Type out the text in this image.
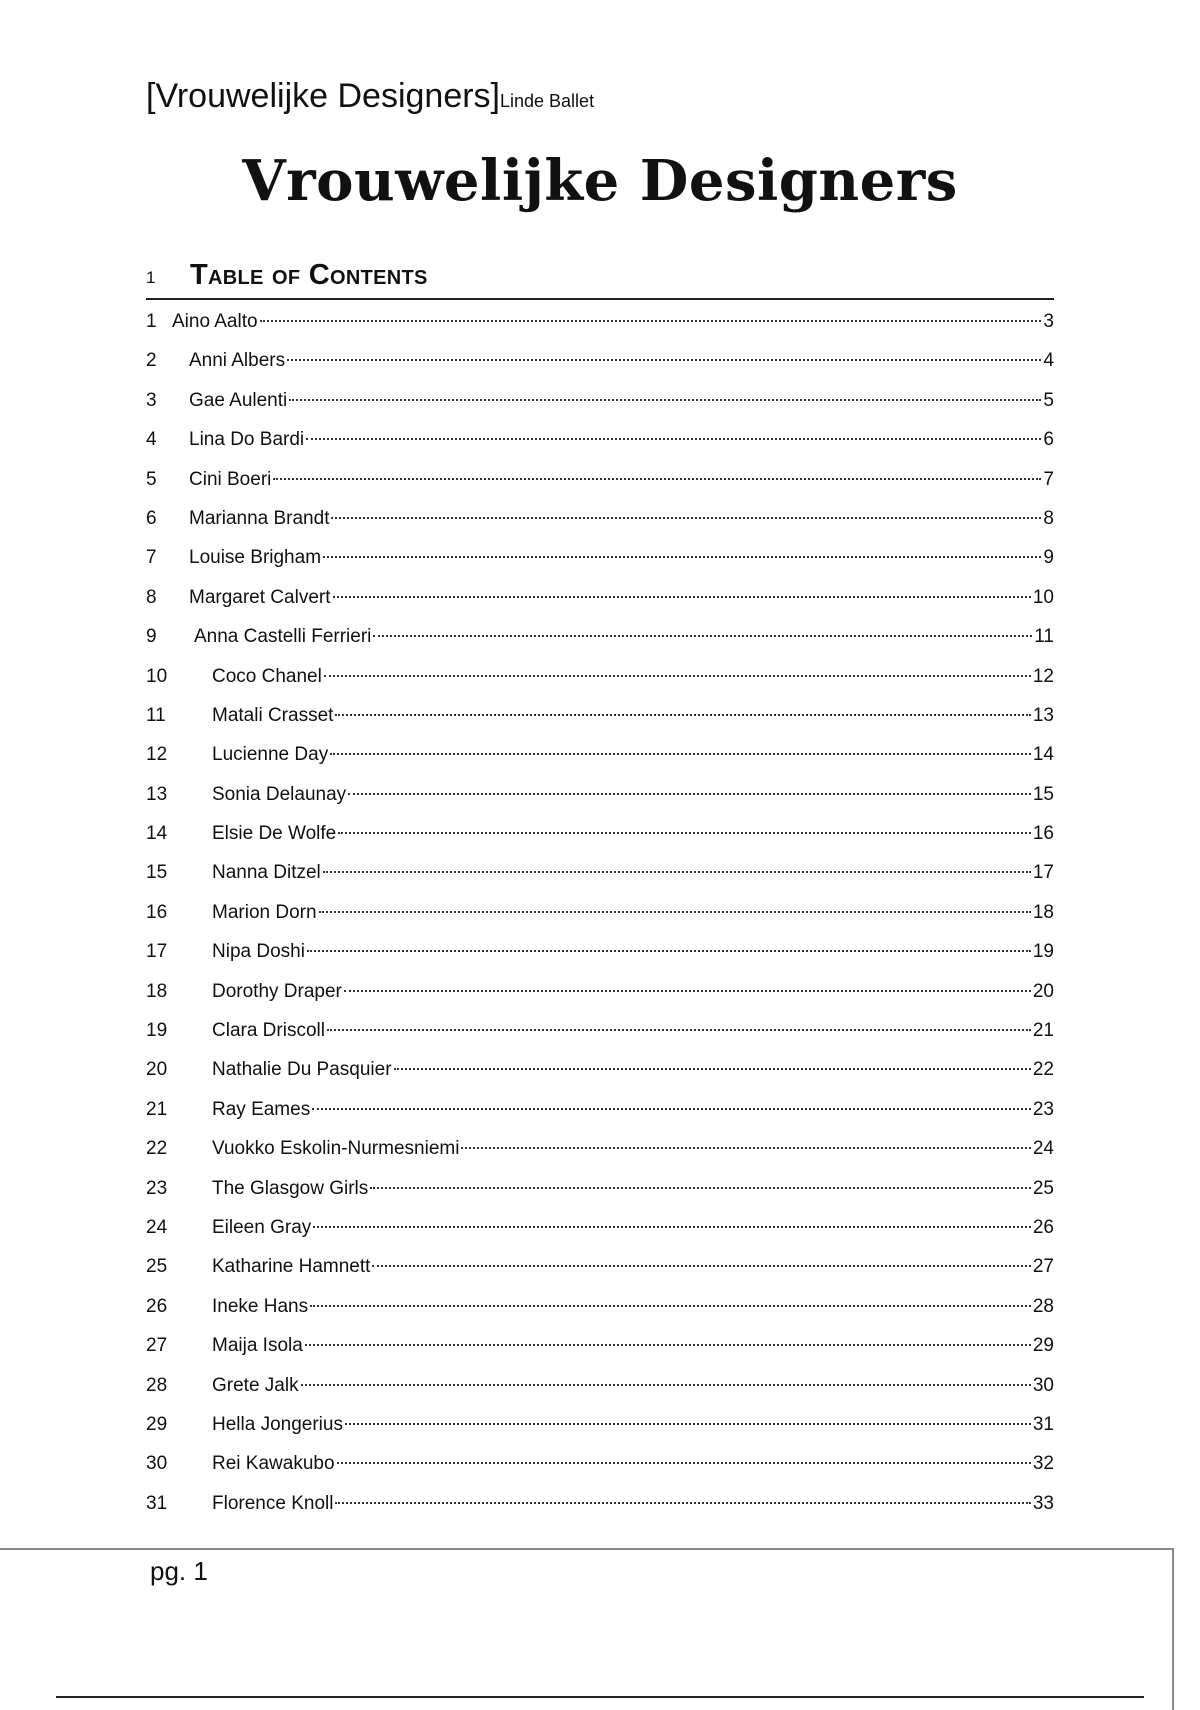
[Vrouwelijke Designers]Linde Ballet
Vrouwelijke Designers
1	Table of Contents
1 Aino Aalto	3
2	Anni Albers	4
3	Gae Aulenti	5
4	Lina Do Bardi	6
5	Cini Boeri	7
6	Marianna Brandt	8
7	Louise Brigham	9
8	Margaret Calvert	10
9	Anna Castelli Ferrieri	11
10	Coco Chanel	12
11	Matali Crasset	13
12	Lucienne Day	14
13	Sonia Delaunay	15
14	Elsie De Wolfe	16
15	Nanna Ditzel	17
16	Marion Dorn	18
17	Nipa Doshi	19
18	Dorothy Draper	20
19	Clara Driscoll	21
20	Nathalie Du Pasquier	22
21	Ray Eames	23
22	Vuokko Eskolin-Nurmesniemi	24
23	The Glasgow Girls	25
24	Eileen Gray	26
25	Katharine Hamnett	27
26	Ineke Hans	28
27	Maija Isola	29
28	Grete Jalk	30
29	Hella Jongerius	31
30	Rei Kawakubo	32
31	Florence Knoll	33
pg. 1
